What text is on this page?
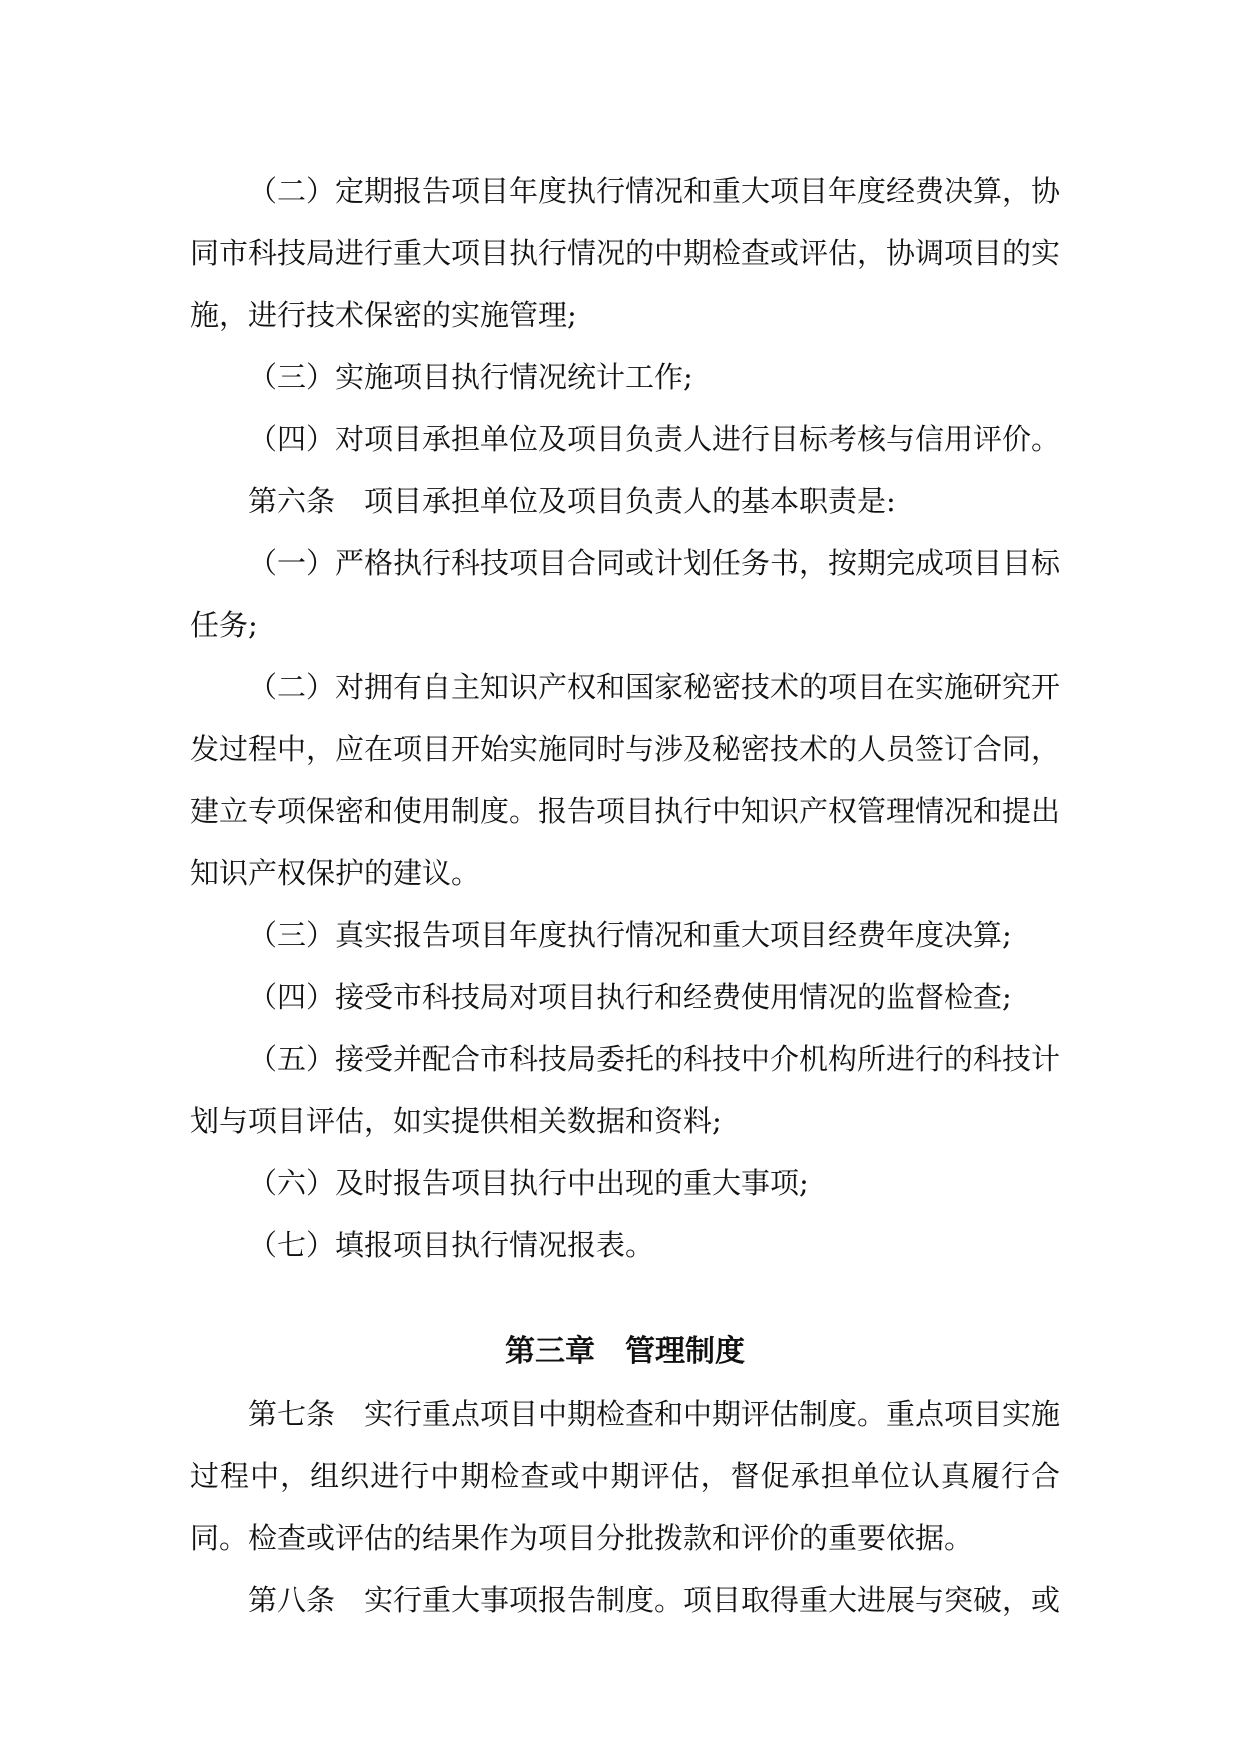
（二）定期报告项目年度执行情况和重大项目年度经费决算，协同市科技局进行重大项目执行情况的中期检查或评估，协调项目的实施，进行技术保密的实施管理;

（三）实施项目执行情况统计工作;

（四）对项目承担单位及项目负责人进行目标考核与信用评价。

第六条　项目承担单位及项目负责人的基本职责是:

（一）严格执行科技项目合同或计划任务书，按期完成项目目标任务;

（二）对拥有自主知识产权和国家秘密技术的项目在实施研究开发过程中，应在项目开始实施同时与涉及秘密技术的人员签订合同，建立专项保密和使用制度。报告项目执行中知识产权管理情况和提出知识产权保护的建议。

（三）真实报告项目年度执行情况和重大项目经费年度决算;

（四）接受市科技局对项目执行和经费使用情况的监督检查;

（五）接受并配合市科技局委托的科技中介机构所进行的科技计划与项目评估，如实提供相关数据和资料;

（六）及时报告项目执行中出现的重大事项;

（七）填报项目执行情况报表。

第三章　管理制度

第七条　实行重点项目中期检查和中期评估制度。重点项目实施过程中，组织进行中期检查或中期评估，督促承担单位认真履行合同。检查或评估的结果作为项目分批拨款和评价的重要依据。

第八条　实行重大事项报告制度。项目取得重大进展与突破，或
